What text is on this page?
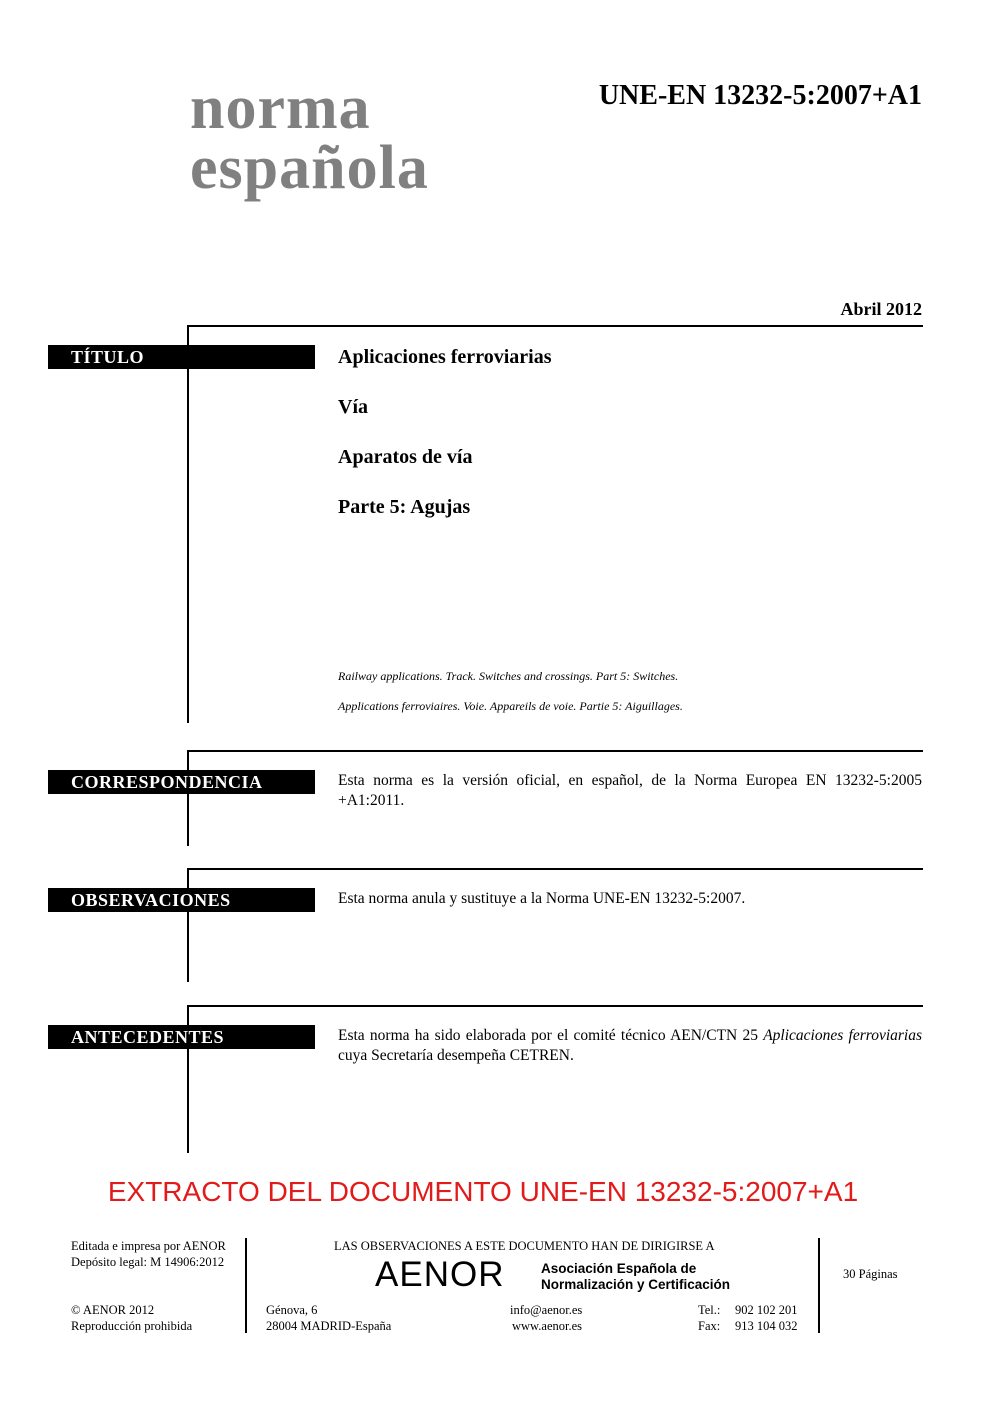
norma
española
UNE-EN 13232-5:2007+A1
Abril 2012
TÍTULO	Aplicaciones ferroviarias
Vía
Aparatos de vía
Parte 5: Agujas
Railway applications. Track. Switches and crossings. Part 5: Switches.
Applications ferroviaires. Voie. Appareils de voie. Partie 5: Aiguillages.
CORRESPONDENCIA	Esta norma es la versión oficial, en español, de la Norma Europea EN 13232-5:2005 +A1:2011.
OBSERVACIONES	Esta norma anula y sustituye a la Norma UNE-EN 13232-5:2007.
ANTECEDENTES	Esta norma ha sido elaborada por el comité técnico AEN/CTN 25 Aplicaciones ferroviarias cuya Secretaría desempeña CETREN.
EXTRACTO DEL DOCUMENTO UNE-EN 13232-5:2007+A1
Editada e impresa por AENOR
Depósito legal: M 14906:2012
© AENOR 2012
Reproducción prohibida
LAS OBSERVACIONES A ESTE DOCUMENTO HAN DE DIRIGIRSE A
AENOR	Asociación Española de
Normalización y Certificación
Génova, 6
28004 MADRID-España
info@aenor.es
www.aenor.es
Tel.: 902 102 201
Fax: 913 104 032
30 Páginas
